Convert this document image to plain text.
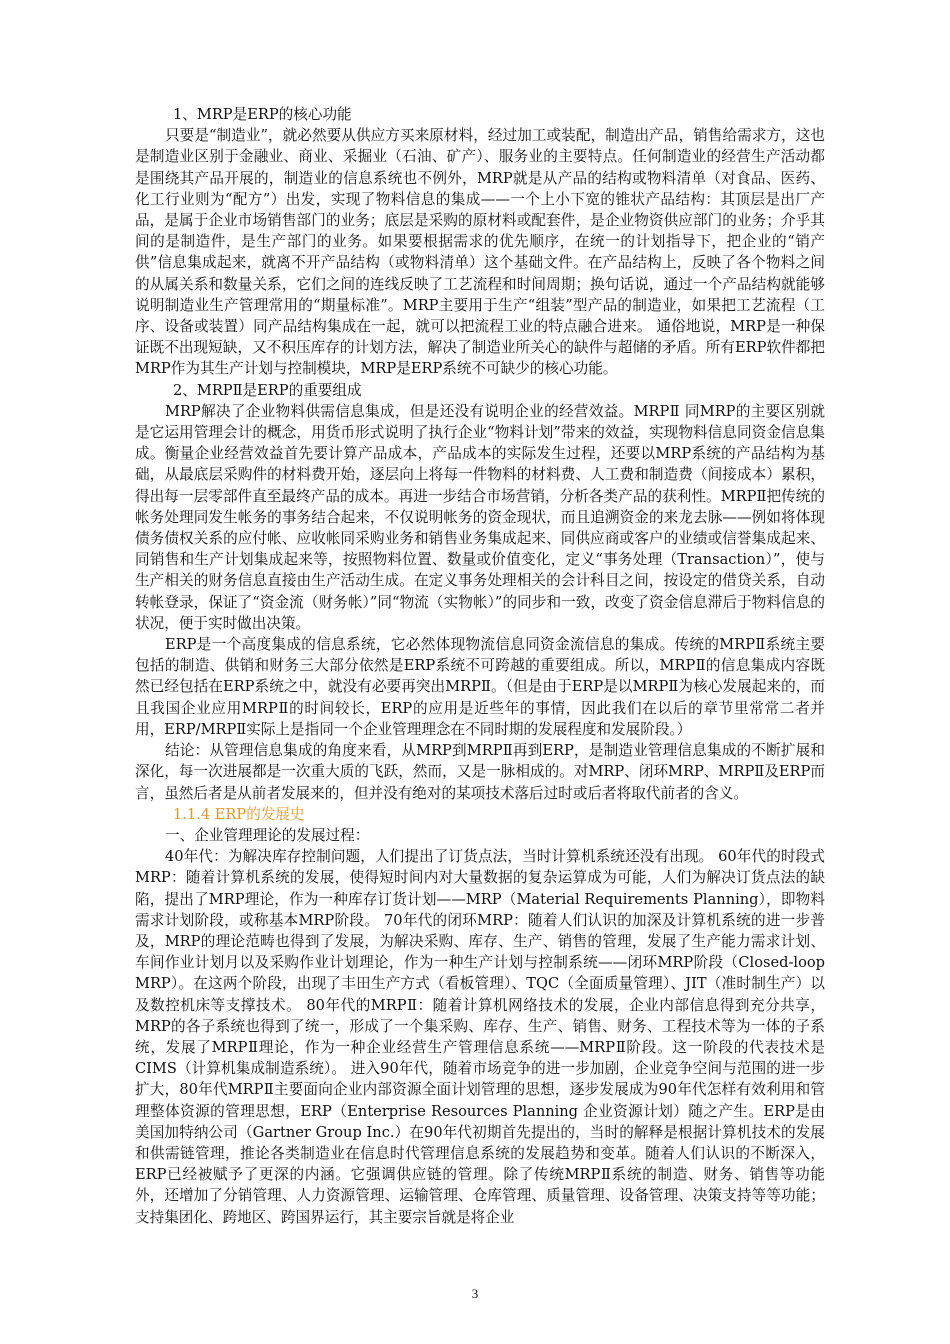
1、MRP是ERP的核心功能

只要是“制造业”，就必然要从供应方买来原材料，经过加工或装配，制造出产品，销售给需求方，这也是制造业区别于金融业、商业、采掘业（石油、矿产）、服务业的主要特点。任何制造业的经营生产活动都是围绕其产品开展的，制造业的信息系统也不例外，MRP就是从产品的结构或物料清单（对食品、医药、化工行业则为“配方”）出发，实现了物料信息的集成——一个上小下宽的锥状产品结构：其顶层是出厂产品，是属于企业市场销售部门的业务；底层是采购的原材料或配套件，是企业物资供应部门的业务；介乎其间的是制造件，是生产部门的业务。如果要根据需求的优先顺序，在统一的计划指导下，把企业的“销产供”信息集成起来，就离不开产品结构（或物料清单）这个基础文件。在产品结构上，反映了各个物料之间的从属关系和数量关系，它们之间的连线反映了工艺流程和时间周期；换句话说，通过一个产品结构就能够说明制造业生产管理常用的“期量标准”。MRP主要用于生产“组装”型产品的制造业，如果把工艺流程（工序、设备或装置）同产品结构集成在一起，就可以把流程工业的特点融合进来。 通俗地说，MRP是一种保证既不出现短缺，又不积压库存的计划方法，解决了制造业所关心的缺件与超储的矛盾。所有ERP软件都把MRP作为其生产计划与控制模块，MRP是ERP系统不可缺少的核心功能。

2、MRPⅡ是ERP的重要组成

MRP解决了企业物料供需信息集成，但是还没有说明企业的经营效益。MRPⅡ 同MRP的主要区别就是它运用管理会计的概念，用货币形式说明了执行企业“物料计划”带来的效益，实现物料信息同资金信息集成。衡量企业经营效益首先要计算产品成本，产品成本的实际发生过程，还要以MRP系统的产品结构为基础，从最底层采购件的材料费开始，逐层向上将每一件物料的材料费、人工费和制造费（间接成本）累积，得出每一层零部件直至最终产品的成本。再进一步结合市场营销，分析各类产品的获利性。MRPⅡ把传统的帐务处理同发生帐务的事务结合起来，不仅说明帐务的资金现状，而且追溯资金的来龙去脉——例如将体现债务债权关系的应付帐、应收帐同采购业务和销售业务集成起来、同供应商或客户的业绩或信誉集成起来、同销售和生产计划集成起来等，按照物料位置、数量或价值变化，定义“事务处理（Transaction）”，使与生产相关的财务信息直接由生产活动生成。在定义事务处理相关的会计科目之间，按设定的借贷关系，自动转帐登录，保证了“资金流（财务帐）”同“物流（实物帐）”的同步和一致，改变了资金信息滞后于物料信息的状况，便于实时做出决策。

ERP是一个高度集成的信息系统，它必然体现物流信息同资金流信息的集成。传统的MRPⅡ系统主要包括的制造、供销和财务三大部分依然是ERP系统不可跨越的重要组成。所以，MRPⅡ的信息集成内容既然已经包括在ERP系统之中，就没有必要再突出MRPⅡ。（但是由于ERP是以MRPⅡ为核心发展起来的，而且我国企业应用MRPⅡ的时间较长，ERP的应用是近些年的事情，因此我们在以后的章节里常常二者并用，ERP/MRPⅡ实际上是指同一个企业管理理念在不同时期的发展程度和发展阶段。）

结论：从管理信息集成的角度来看，从MRP到MRPⅡ再到ERP，是制造业管理信息集成的不断扩展和深化，每一次进展都是一次重大质的飞跃，然而，又是一脉相成的。对MRP、闭环MRP、MRPⅡ及ERP而言，虽然后者是从前者发展来的，但并没有绝对的某项技术落后过时或后者将取代前者的含义。

1.1.4 ERP的发展史

一、企业管理理论的发展过程：

40年代：为解决库存控制问题，人们提出了订货点法，当时计算机系统还没有出现。 60年代的时段式MRP：随着计算机系统的发展，使得短时间内对大量数据的复杂运算成为可能，人们为解决订货点法的缺陷，提出了MRP理论，作为一种库存订货计划——MRP（Material Requirements Planning），即物料需求计划阶段，或称基本MRP阶段。 70年代的闭环MRP：随着人们认识的加深及计算机系统的进一步普及，MRP的理论范畴也得到了发展，为解决采购、库存、生产、销售的管理，发展了生产能力需求计划、车间作业计划月以及采购作业计划理论，作为一种生产计划与控制系统——闭环MRP阶段（Closed-loop MRP）。在这两个阶段，出现了丰田生产方式（看板管理）、TQC（全面质量管理）、JIT（准时制生产）以及数控机床等支撑技术。 80年代的MRPⅡ：随着计算机网络技术的发展，企业内部信息得到充分共享，MRP的各子系统也得到了统一，形成了一个集采购、库存、生产、销售、财务、工程技术等为一体的子系统，发展了MRPⅡ理论，作为一种企业经营生产管理信息系统——MRPⅡ阶段。这一阶段的代表技术是CIMS（计算机集成制造系统）。 进入90年代，随着市场竞争的进一步加剧，企业竞争空间与范围的进一步扩大，80年代MRPⅡ主要面向企业内部资源全面计划管理的思想，逐步发展成为90年代怎样有效利用和管理整体资源的管理思想，ERP（Enterprise Resources Planning 企业资源计划）随之产生。ERP是由美国加特纳公司（Gartner Group Inc.）在90年代初期首先提出的，当时的解释是根据计算机技术的发展和供需链管理，推论各类制造业在信息时代管理信息系统的发展趋势和变革。随着人们认识的不断深入，ERP已经被赋予了更深的内涵。它强调供应链的管理。除了传统MRPⅡ系统的制造、财务、销售等功能外，还增加了分销管理、人力资源管理、运输管理、仓库管理、质量管理、设备管理、决策支持等等功能；支持集团化、跨地区、跨国界运行，其主要宗旨就是将企业

3
